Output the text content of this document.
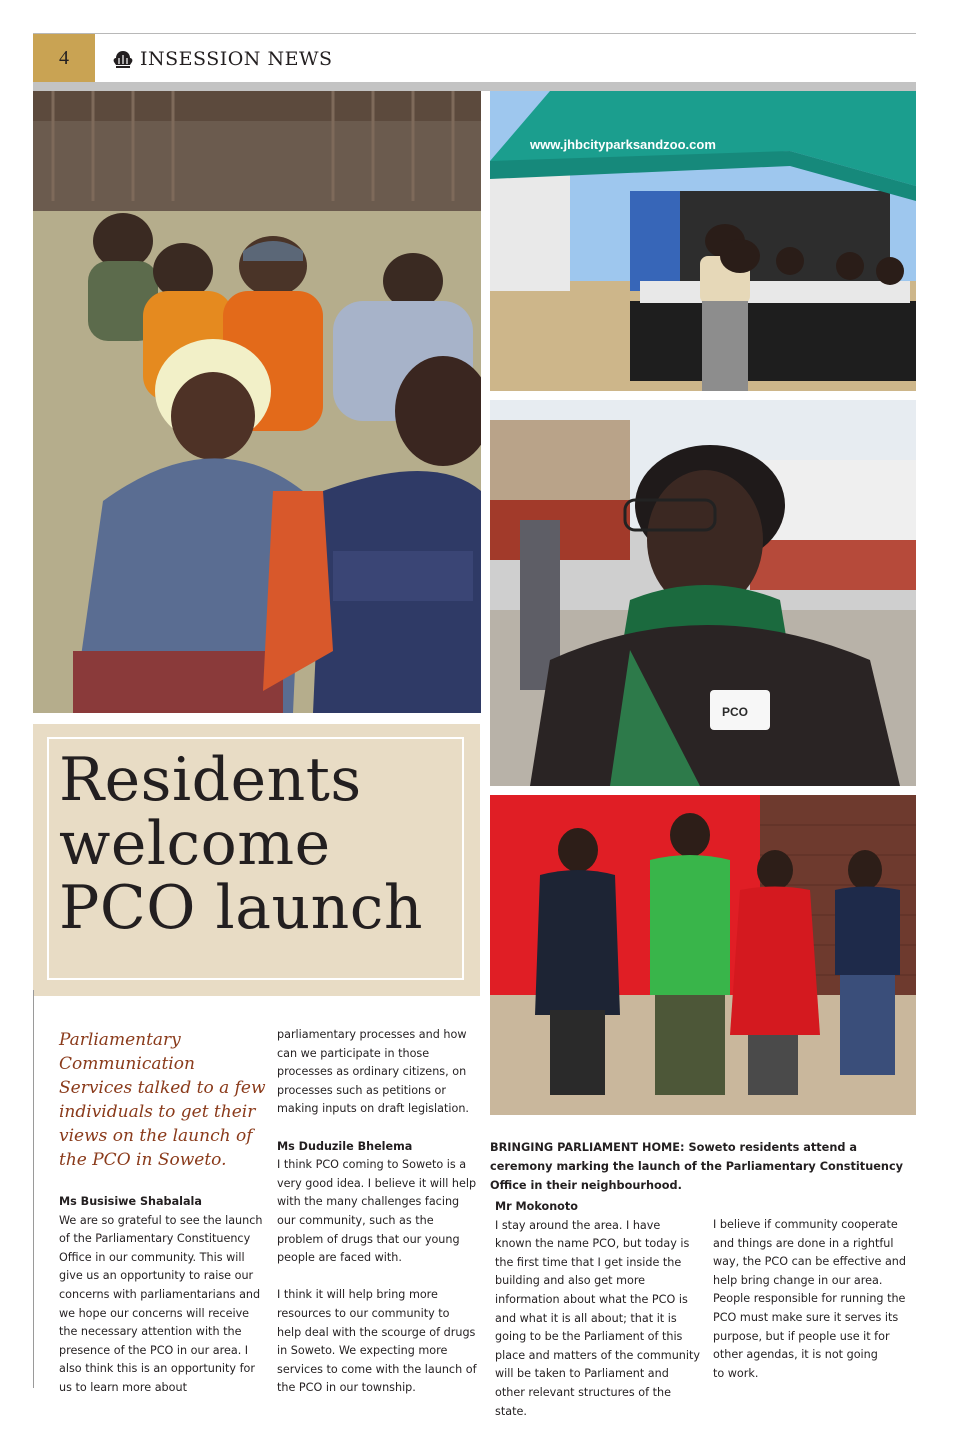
4	INSESSION NEWS
www.jhbcityparksandzoo.com
PCO
Residents
welcome
PCO launch

Parliamentary Communication Services talked to a few individuals to get their views on the launch of the PCO in Soweto.

Ms Busisiwe Shabalala

We are so grateful to see the launch of the Parliamentary Constituency Office in our community. This will give us an opportunity to raise our concerns with parliamentarians and we hope our concerns will receive the necessary attention with the presence of the PCO in our area. I also think this is an opportunity for us to learn more about

parliamentary processes and how can we participate in those processes as ordinary citizens, on processes such as petitions or making inputs on draft legislation.

Ms Duduzile Bhelema

I think PCO coming to Soweto is a very good idea. I believe it will help with the many challenges facing our community, such as the problem of drugs that our young people are faced with.

I think it will help bring more resources to our community to help deal with the scourge of drugs in Soweto. We expecting more services to come with the launch of the PCO in our township.

BRINGING PARLIAMENT HOME: Soweto residents attend a ceremony marking the launch of the Parliamentary Constituency Office in their neighbourhood.

Mr Mokonoto

I stay around the area. I have known the name PCO, but today is the first time that I get inside the building and also get more information about what the PCO is and what it is all about; that it is going to be the Parliament of this place and matters of the community will be taken to Parliament and other relevant structures of the state.

I believe if community cooperate and things are done in a rightful way, the PCO can be effective and help bring change in our area. People responsible for running the PCO must make sure it serves its purpose, but if people use it for other agendas, it is not going
to work.
